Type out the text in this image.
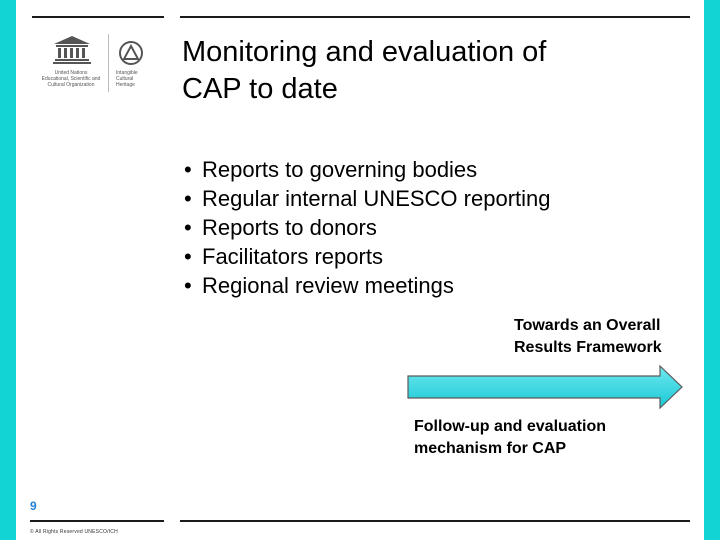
United Nations
Educational, Scientific and
Cultural Organization
Intangible
Cultural
Heritage
Monitoring and evaluation of
CAP to date
• Reports to governing bodies
• Regular internal UNESCO reporting
• Reports to donors
• Facilitators reports
• Regional review meetings
Towards an Overall
Results Framework
Follow-up and evaluation
mechanism for CAP
9
© All Rights Reserved UNESCO/ICH
